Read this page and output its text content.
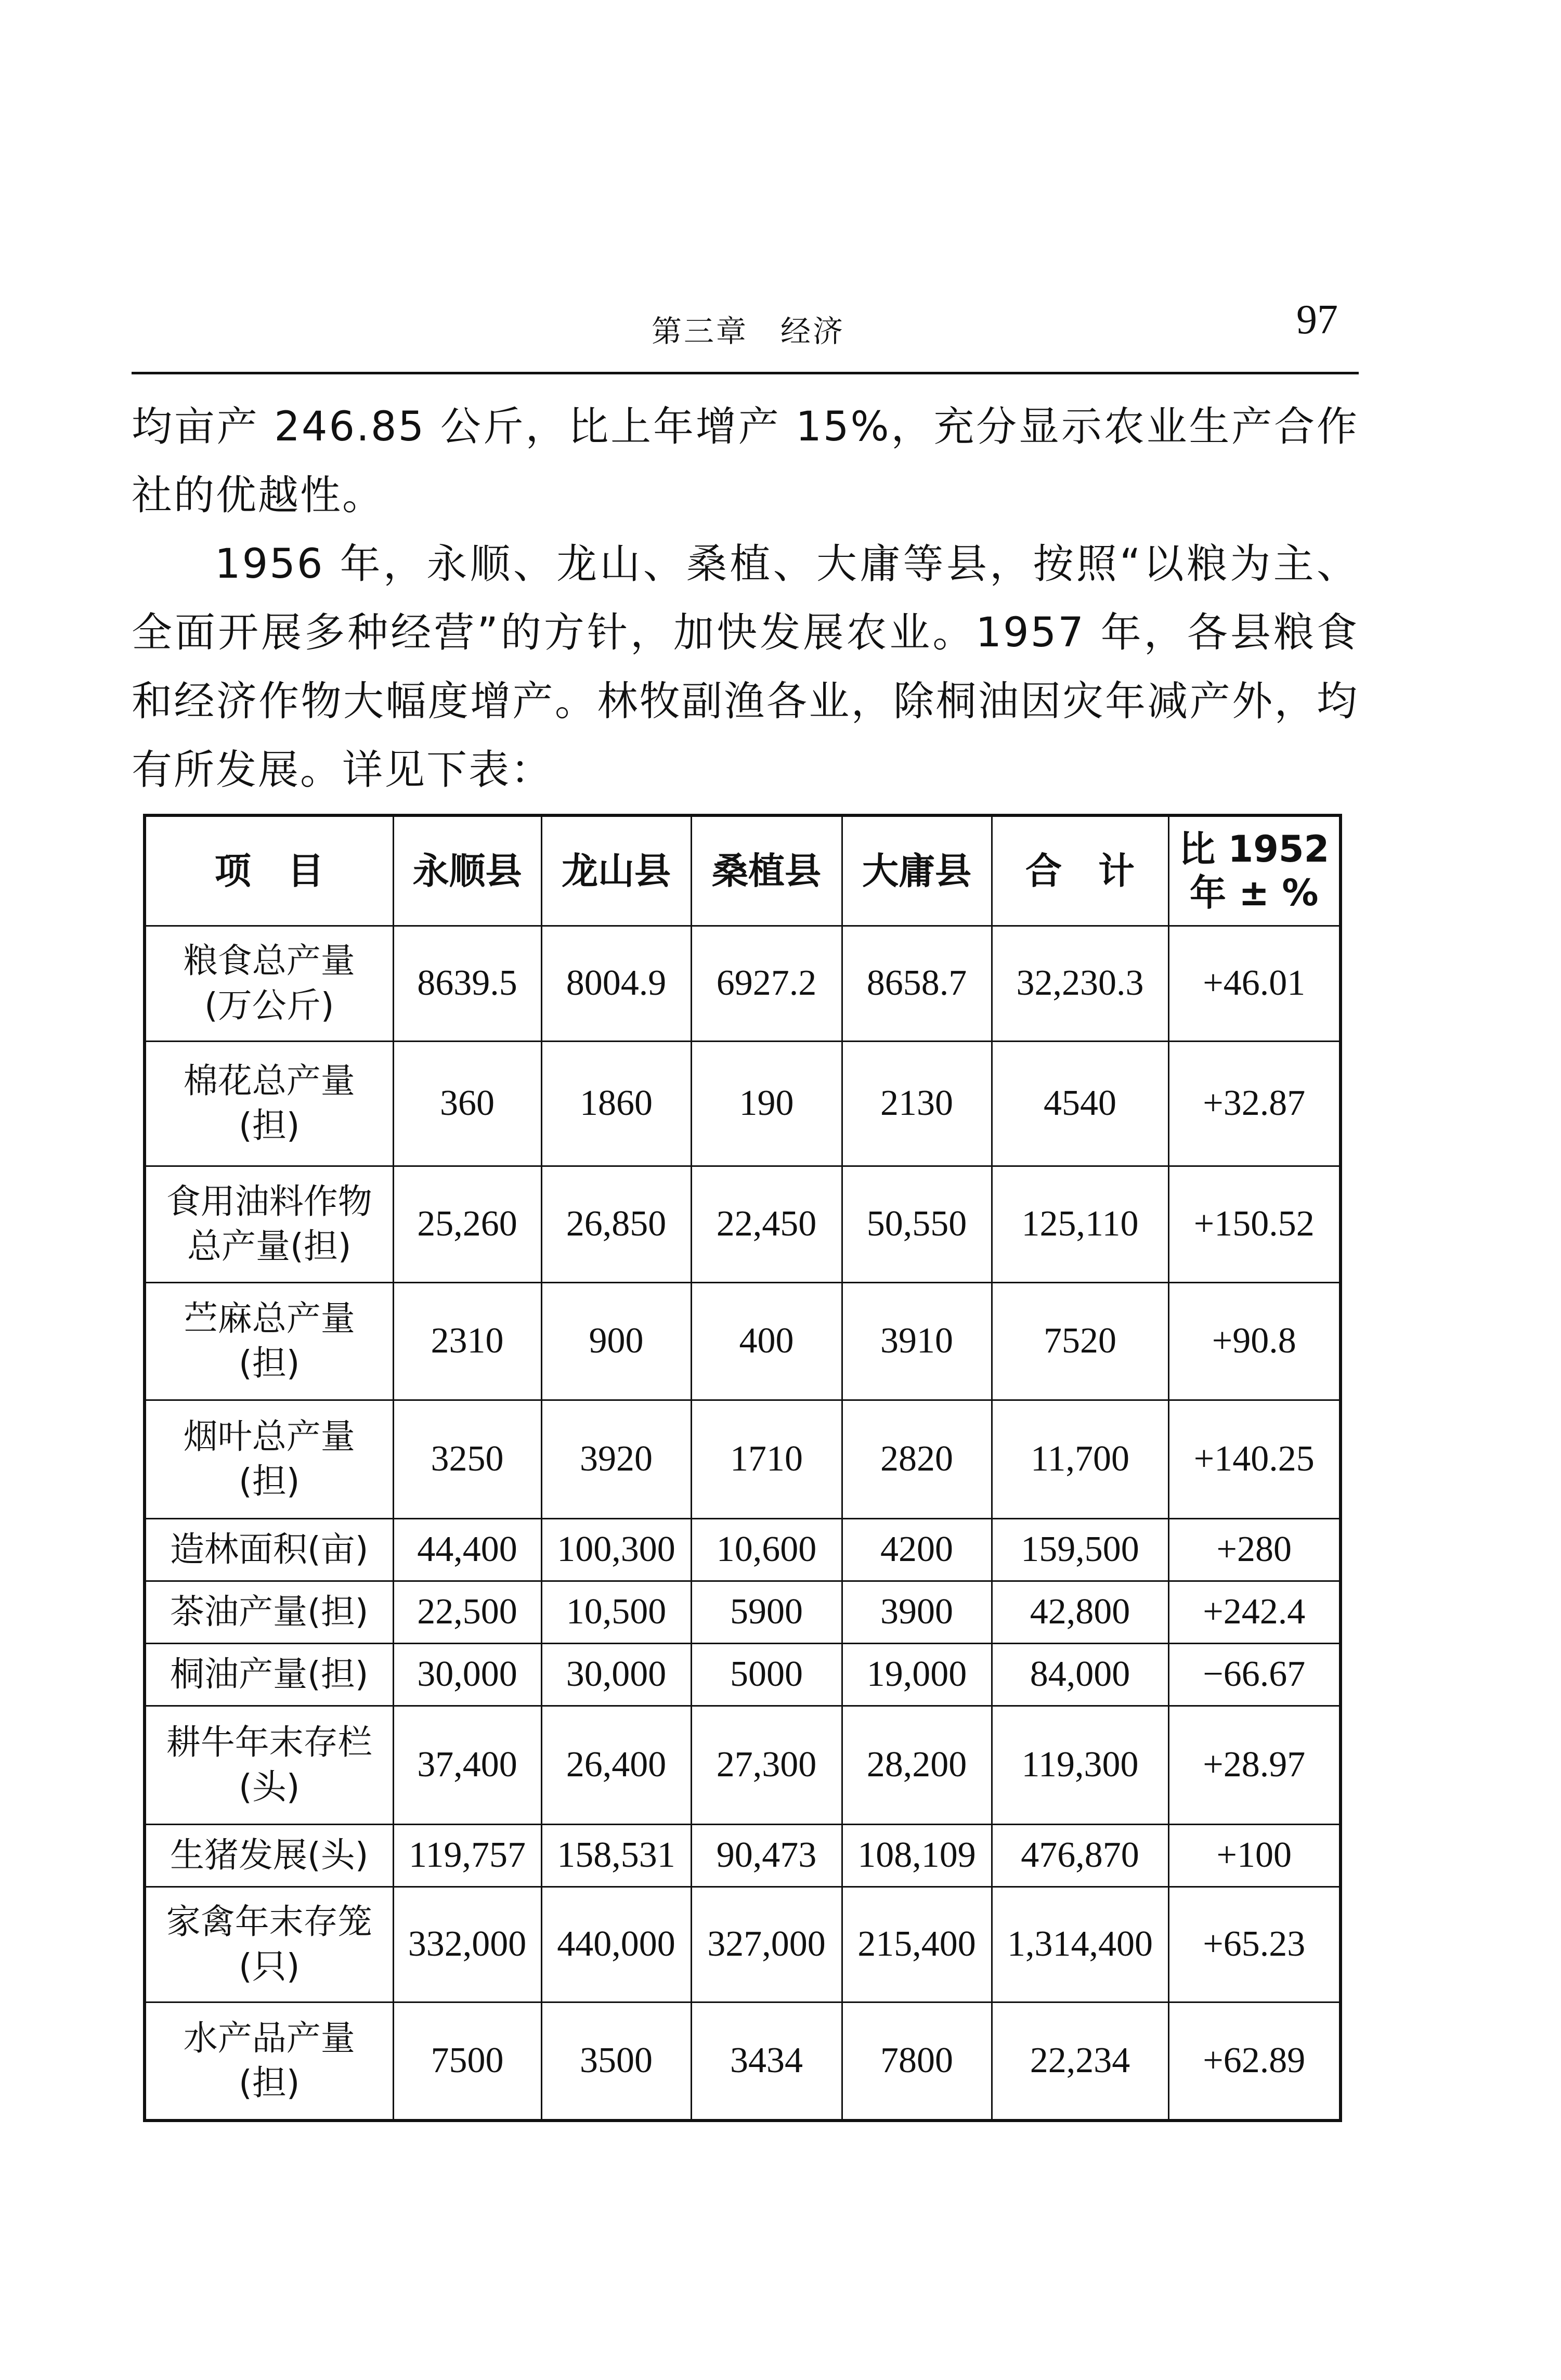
第三章　经济	97

均亩产 246.85 公斤，比上年增产 15%，充分显示农业生产合作社的优越性。

1956 年，永顺、龙山、桑植、大庸等县，按照“以粮为主、全面开展多种经营”的方针，加快发展农业。1957 年，各县粮食和经济作物大幅度增产。林牧副渔各业，除桐油因灾年减产外，均有所发展。详见下表：

项　目	永顺县	龙山县	桑植县	大庸县	合　计	比 1952
年 ± %

粮食总产量
(万公斤)	8639.5	8004.9	6927.2	8658.7	32,230.3	+46.01

棉花总产量
(担)	360	1860	190	2130	4540	+32.87

食用油料作物
总产量(担)	25,260	26,850	22,450	50,550	125,110	+150.52

苎麻总产量
(担)	2310	900	400	3910	7520	+90.8

烟叶总产量
(担)	3250	3920	1710	2820	11,700	+140.25

造林面积(亩)	44,400	100,300	10,600	4200	159,500	+280

茶油产量(担)	22,500	10,500	5900	3900	42,800	+242.4

桐油产量(担)	30,000	30,000	5000	19,000	84,000	−66.67

耕牛年末存栏
(头)	37,400	26,400	27,300	28,200	119,300	+28.97

生猪发展(头)	119,757	158,531	90,473	108,109	476,870	+100

家禽年末存笼
(只)	332,000	440,000	327,000	215,400	1,314,400	+65.23

水产品产量
(担)	7500	3500	3434	7800	22,234	+62.89
